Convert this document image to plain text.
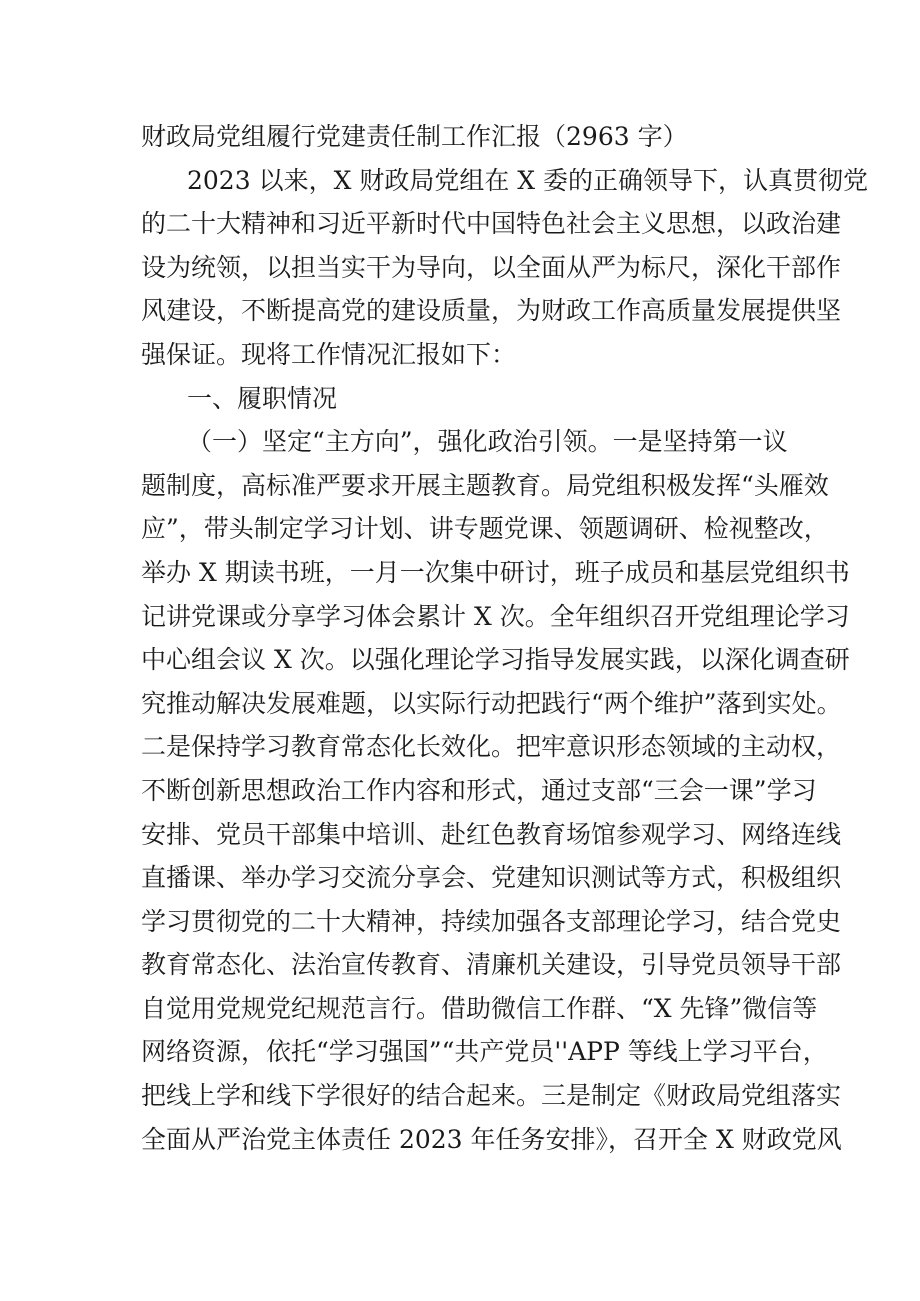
财政局党组履行党建责任制工作汇报（2963 字）
2023 以来，X 财政局党组在 X 委的正确领导下，认真贯彻党
的二十大精神和习近平新时代中国特色社会主义思想，以政治建
设为统领，以担当实干为导向，以全面从严为标尺，深化干部作
风建设，不断提高党的建设质量，为财政工作高质量发展提供坚
强保证。现将工作情况汇报如下：
一、履职情况
（一）坚定“主方向”，强化政治引领。一是坚持第一议
题制度，高标准严要求开展主题教育。局党组积极发挥“头雁效
应”，带头制定学习计划、讲专题党课、领题调研、检视整改，
举办 X 期读书班，一月一次集中研讨，班子成员和基层党组织书
记讲党课或分享学习体会累计 X 次。全年组织召开党组理论学习
中心组会议 X 次。以强化理论学习指导发展实践，以深化调查研
究推动解决发展难题，以实际行动把践行“两个维护”落到实处。
二是保持学习教育常态化长效化。把牢意识形态领域的主动权，
不断创新思想政治工作内容和形式，通过支部“三会一课”学习
安排、党员干部集中培训、赴红色教育场馆参观学习、网络连线
直播课、举办学习交流分享会、党建知识测试等方式，积极组织
学习贯彻党的二十大精神，持续加强各支部理论学习，结合党史
教育常态化、法治宣传教育、清廉机关建设，引导党员领导干部
自觉用党规党纪规范言行。借助微信工作群、“X 先锋”微信等
网络资源，依托“学习强国”“共产党员''APP 等线上学习平台，
把线上学和线下学很好的结合起来。三是制定《财政局党组落实
全面从严治党主体责任 2023 年任务安排》，召开全 X 财政党风
